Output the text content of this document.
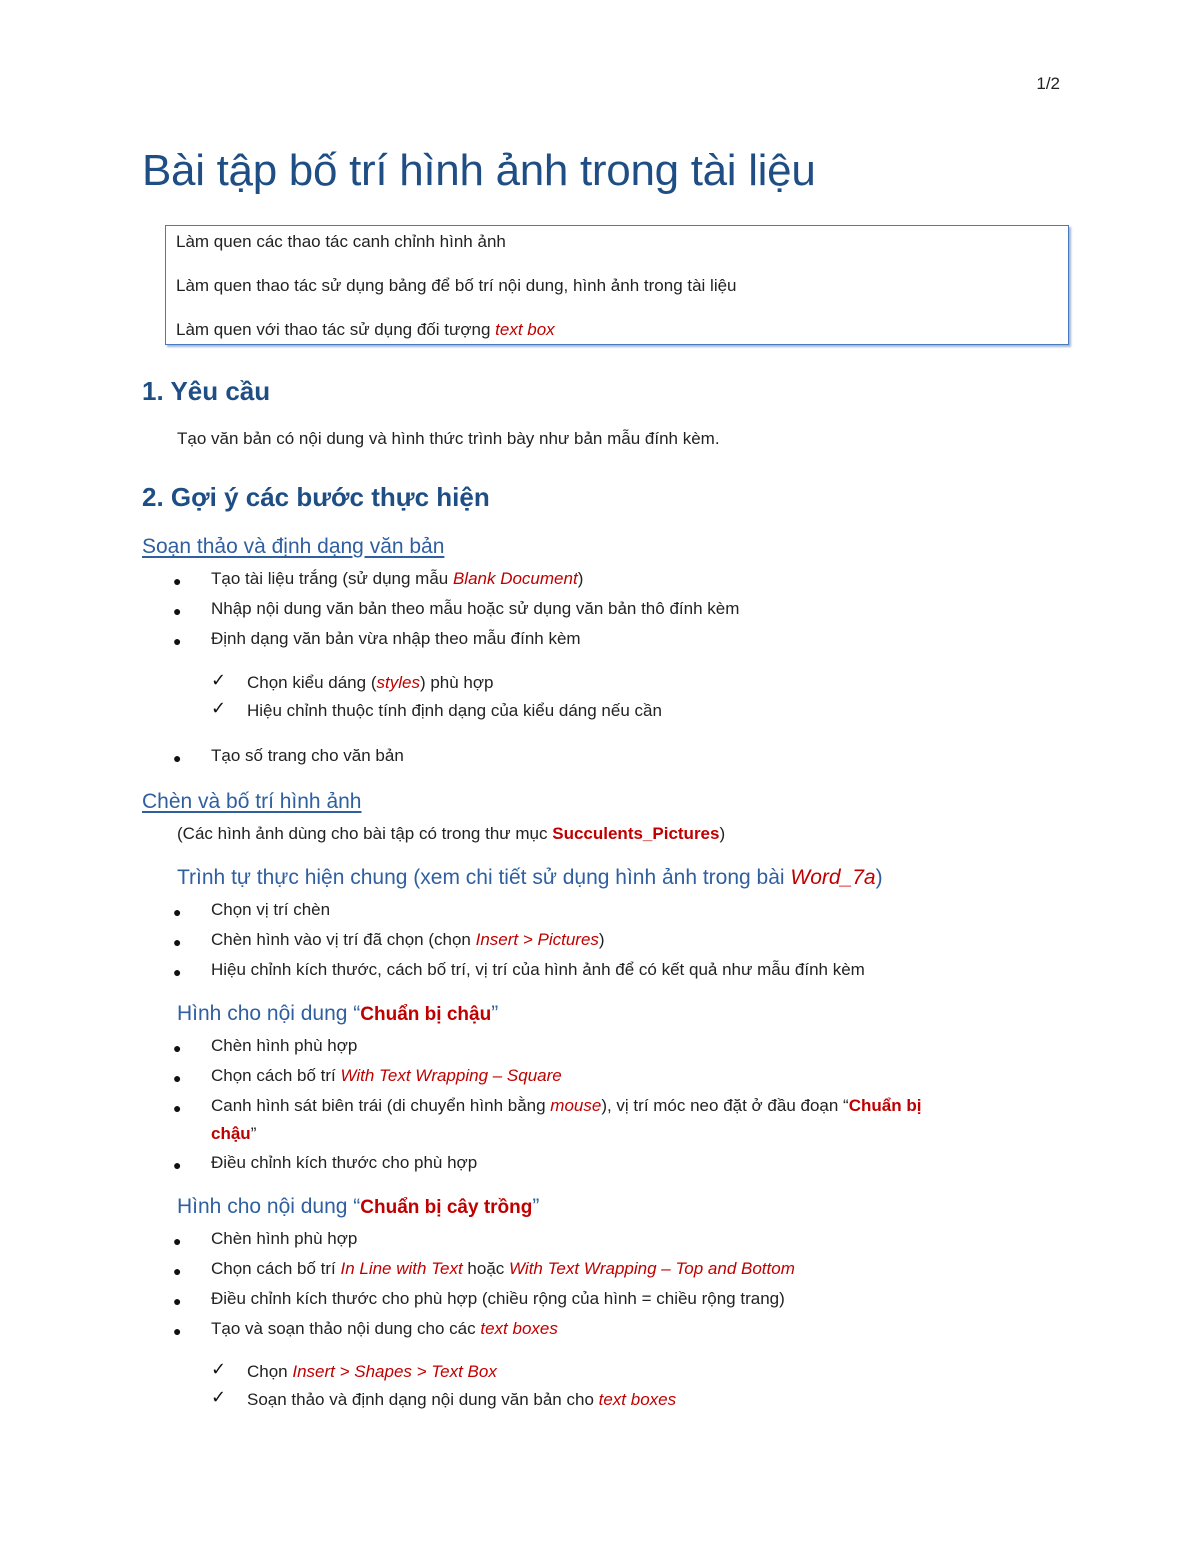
1/2
Bài tập bố trí hình ảnh trong tài liệu
Làm quen các thao tác canh chỉnh hình ảnh
Làm quen thao tác sử dụng bảng để bố trí nội dung, hình ảnh trong tài liệu
Làm quen với thao tác sử dụng đối tượng text box
1. Yêu cầu
Tạo văn bản có nội dung và hình thức trình bày như bản mẫu đính kèm.
2. Gợi ý các bước thực hiện
Soạn thảo và định dạng văn bản
● Tạo tài liệu trắng (sử dụng mẫu Blank Document)
● Nhập nội dung văn bản theo mẫu hoặc sử dụng văn bản thô đính kèm
● Định dạng văn bản vừa nhập theo mẫu đính kèm
✓ Chọn kiểu dáng (styles) phù hợp
✓ Hiệu chỉnh thuộc tính định dạng của kiểu dáng nếu cần
● Tạo số trang cho văn bản
Chèn và bố trí hình ảnh
(Các hình ảnh dùng cho bài tập có trong thư mục Succulents_Pictures)
Trình tự thực hiện chung (xem chi tiết sử dụng hình ảnh trong bài Word_7a)
● Chọn vị trí chèn
● Chèn hình vào vị trí đã chọn (chọn Insert > Pictures)
● Hiệu chỉnh kích thước, cách bố trí, vị trí của hình ảnh để có kết quả như mẫu đính kèm
Hình cho nội dung “Chuẩn bị chậu”
● Chèn hình phù hợp
● Chọn cách bố trí With Text Wrapping – Square
● Canh hình sát biên trái (di chuyển hình bằng mouse), vị trí móc neo đặt ở đầu đoạn “Chuẩn bị
chậu”
● Điều chỉnh kích thước cho phù hợp
Hình cho nội dung “Chuẩn bị cây trồng”
● Chèn hình phù hợp
● Chọn cách bố trí In Line with Text hoặc With Text Wrapping – Top and Bottom
● Điều chỉnh kích thước cho phù hợp (chiều rộng của hình = chiều rộng trang)
● Tạo và soạn thảo nội dung cho các text boxes
✓ Chọn Insert > Shapes > Text Box
✓ Soạn thảo và định dạng nội dung văn bản cho text boxes
